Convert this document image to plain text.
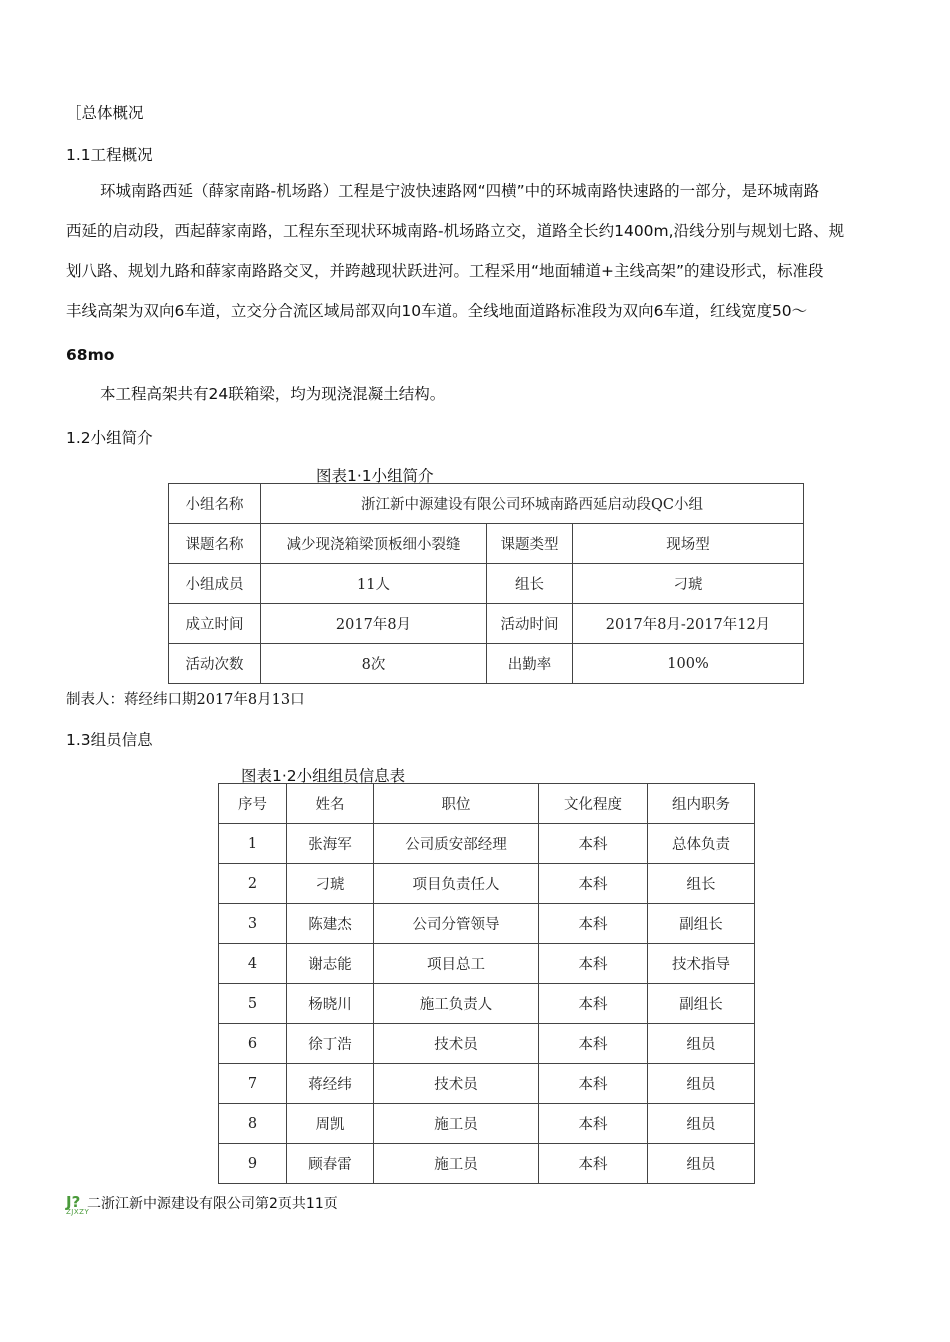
［总体概况
1.1工程概况
环城南路西延（薛家南路-机场路）工程是宁波快速路网“四横”中的环城南路快速路的一部分，是环城南路
西延的启动段，西起薛家南路，工程东至现状环城南路-机场路立交，道路全长约1400m,沿线分别与规划七路、规
划八路、规划九路和薛家南路路交叉，并跨越现状跃进河。工程采用“地面辅道+主线高架”的建设形式，标准段
丰线高架为双向6车道，立交分合流区域局部双向10车道。全线地面道路标准段为双向6车道，红线宽度50〜
68mo
本工程高架共有24联箱梁，均为现浇混凝土结构。
1.2小组简介
图表1·1小组简介
小组名称	浙江新中源建设有限公司环城南路西延启动段QC小组		
课题名称	减少现浇箱梁顶板细小裂缝	课题类型	现场型
小组成员	11人	组长	刁琥
成立时间	2017年8月	活动时间	2017年8月-2017年12月
活动次数	8次	出勤率	100%
制表人：蒋经纬口期2017年8月13口
1.3组员信息
图表1·2小组组员信息表
序号	姓名	职位	文化程度	组内职务
1	张海军	公司质安部经理	本科	总体负责
2	刁琥	项目负责任人	本科	组长
3	陈建杰	公司分管领导	本科	副组长
4	谢志能	项目总工	本科	技术指导
5	杨晓川	施工负责人	本科	副组长
6	徐丁浩	技术员	本科	组员
7	蒋经纬	技术员	本科	组员
8	周凯	施工员	本科	组员
9	顾春雷	施工员	本科	组员
J?
ZJXZY
二浙江新中源建设有限公司第2页共11页
